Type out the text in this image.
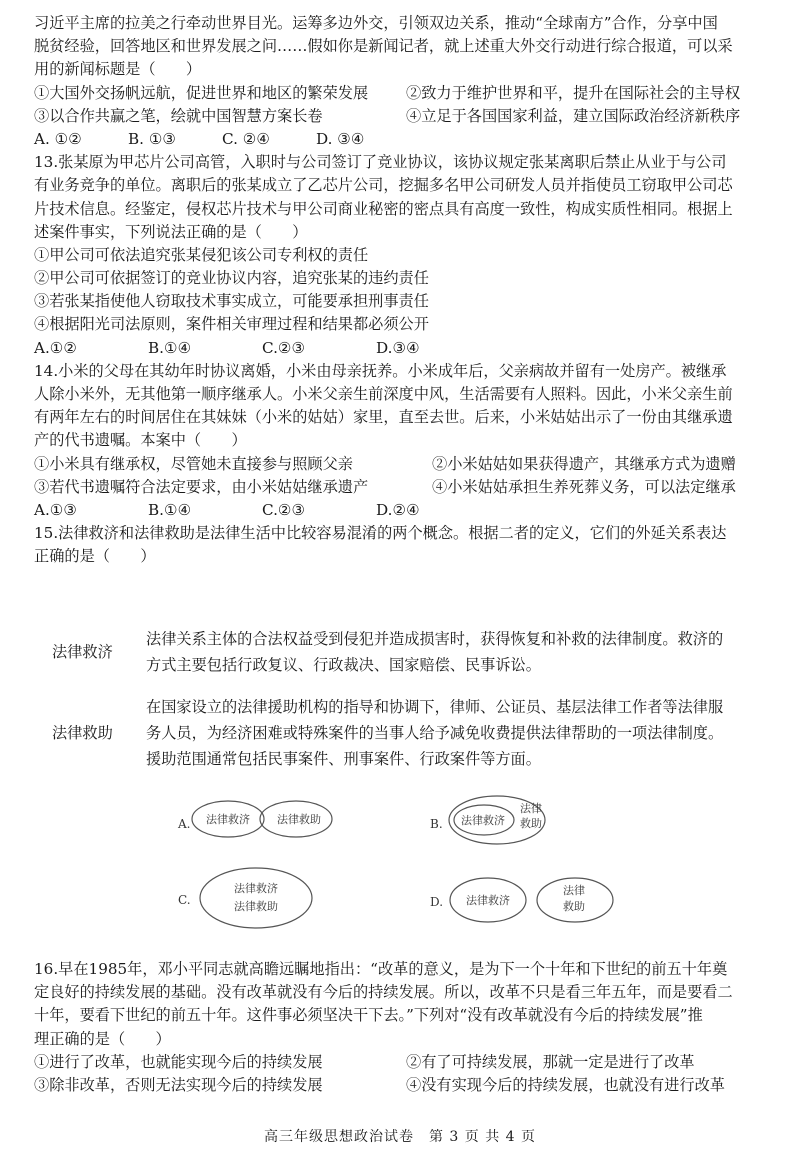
习近平主席的拉美之行牵动世界目光。运筹多边外交，引领双边关系，推动“全球南方”合作，分享中国
脱贫经验，回答地区和世界发展之问……假如你是新闻记者，就上述重大外交行动进行综合报道，可以采
用的新闻标题是（　　）
①大国外交扬帆远航，促进世界和地区的繁荣发展	②致力于维护世界和平，提升在国际社会的主导权
③以合作共赢之笔，绘就中国智慧方案长卷	④立足于各国国家利益，建立国际政治经济新秩序
A. ①②	B. ①③	C. ②④	D. ③④
13.张某原为甲芯片公司高管，入职时与公司签订了竞业协议，该协议规定张某离职后禁止从业于与公司
有业务竞争的单位。离职后的张某成立了乙芯片公司，挖掘多名甲公司研发人员并指使员工窃取甲公司芯
片技术信息。经鉴定，侵权芯片技术与甲公司商业秘密的密点具有高度一致性，构成实质性相同。根据上
述案件事实，下列说法正确的是（　　）
①甲公司可依法追究张某侵犯该公司专利权的责任
②甲公司可依据签订的竞业协议内容，追究张某的违约责任
③若张某指使他人窃取技术事实成立，可能要承担刑事责任
④根据阳光司法原则，案件相关审理过程和结果都必须公开
A.①②	B.①④	C.②③	D.③④
14.小米的父母在其幼年时协议离婚，小米由母亲抚养。小米成年后，父亲病故并留有一处房产。被继承
人除小米外，无其他第一顺序继承人。小米父亲生前深度中风，生活需要有人照料。因此，小米父亲生前
有两年左右的时间居住在其妹妹（小米的姑姑）家里，直至去世。后来，小米姑姑出示了一份由其继承遗
产的代书遗嘱。本案中（　　）
①小米具有继承权，尽管她未直接参与照顾父亲	②小米姑姑如果获得遗产，其继承方式为遗赠
③若代书遗嘱符合法定要求，由小米姑姑继承遗产	④小米姑姑承担生养死葬义务，可以法定继承
A.①③	B.①④	C.②③	D.②④
15.法律救济和法律救助是法律生活中比较容易混淆的两个概念。根据二者的定义，它们的外延关系表达
正确的是（　　）
法律救济
法律关系主体的合法权益受到侵犯并造成损害时，获得恢复和补救的法律制度。救济的
方式主要包括行政复议、行政裁决、国家赔偿、民事诉讼。
法律救助
在国家设立的法律援助机构的指导和协调下，律师、公证员、基层法律工作者等法律服
务人员，为经济困难或特殊案件的当事人给予减免收费提供法律帮助的一项法律制度。
援助范围通常包括民事案件、刑事案件、行政案件等方面。
A. 法律救济 法律救助	B. 法律救济
法律
救助
C.
法律救济
法律救助	D. 法律救济
法律
救助
16.早在1985年，邓小平同志就高瞻远瞩地指出：“改革的意义，是为下一个十年和下世纪的前五十年奠
定良好的持续发展的基础。没有改革就没有今后的持续发展。所以，改革不只是看三年五年，而是要看二
十年，要看下世纪的前五十年。这件事必须坚决干下去。”下列对“没有改革就没有今后的持续发展”推
理正确的是（　　）
①进行了改革，也就能实现今后的持续发展	②有了可持续发展，那就一定是进行了改革
③除非改革，否则无法实现今后的持续发展	④没有实现今后的持续发展，也就没有进行改革
高三年级思想政治试卷　第 3 页 共 4 页
